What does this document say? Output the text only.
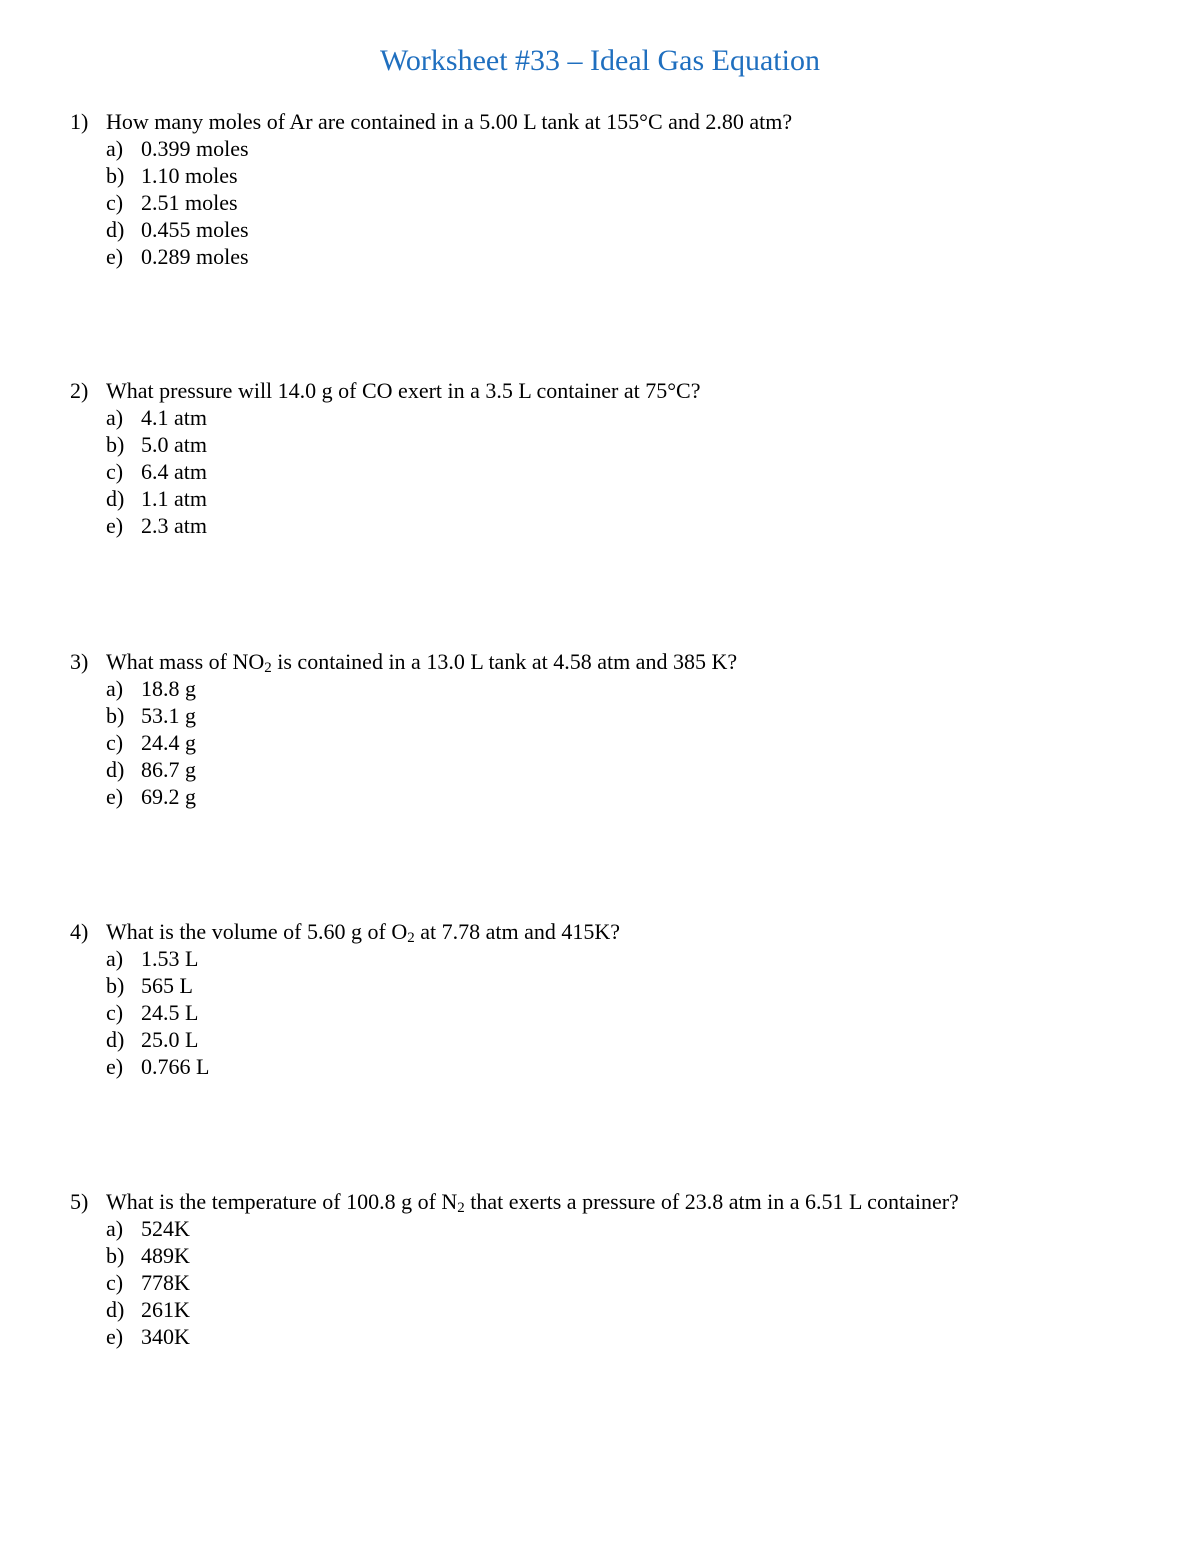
Worksheet #33 – Ideal Gas Equation
1) How many moles of Ar are contained in a 5.00 L tank at 155°C and 2.80 atm?
a) 0.399 moles
b) 1.10 moles
c) 2.51 moles
d) 0.455 moles
e) 0.289 moles
2) What pressure will 14.0 g of CO exert in a 3.5 L container at 75°C?
a) 4.1 atm
b) 5.0 atm
c) 6.4 atm
d) 1.1 atm
e) 2.3 atm
3) What mass of $NO_2$ is contained in a 13.0 L tank at 4.58 atm and 385 K?
a) 18.8 g
b) 53.1 g
c) 24.4 g
d) 86.7 g
e) 69.2 g
4) What is the volume of 5.60 g of $O_2$ at 7.78 atm and 415K?
a) 1.53 L
b) 565 L
c) 24.5 L
d) 25.0 L
e) 0.766 L
5) What is the temperature of 100.8 g of $N_2$ that exerts a pressure of 23.8 atm in a 6.51 L container?
a) 524K
b) 489K
c) 778K
d) 261K
e) 340K
